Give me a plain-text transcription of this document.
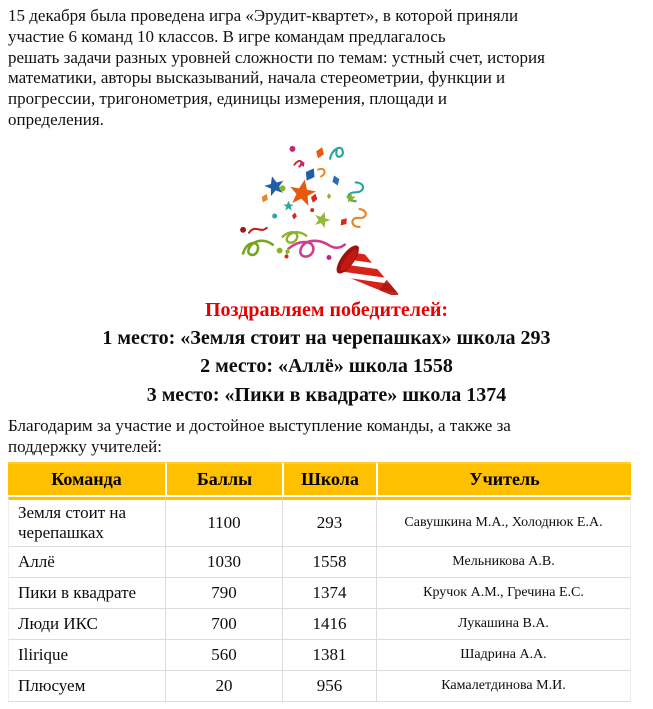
15 декабря была проведена игра «Эрудит-квартет», в которой приняли
участие 6 команд 10 классов. В игре командам предлагалось
решать задачи разных уровней сложности по темам: устный счет, история
математики, авторы высказываний, начала стереометрии, функции и
прогрессии, тригонометрия, единицы измерения, площади и
определения.
Поздравляем победителей:
1 место: «Земля стоит на черепашках» школа 293
2 место: «Аллё» школа 1558
3 место: «Пики в квадрате» школа 1374
Благодарим за участие и достойное выступление команды, а также за
поддержку учителей:
Команда	Баллы	Школа	Учитель
Земля стоит на черепашках	1100	293	Савушкина М.А., Холоднюк Е.А.
Аллё	1030	1558	Мельникова А.В.
Пики в квадрате	790	1374	Кручок А.М., Гречина Е.С.
Люди ИКС	700	1416	Лукашина В.А.
Ilirique	560	1381	Шадрина А.А.
Плюсуем	20	956	Камалетдинова М.И.
